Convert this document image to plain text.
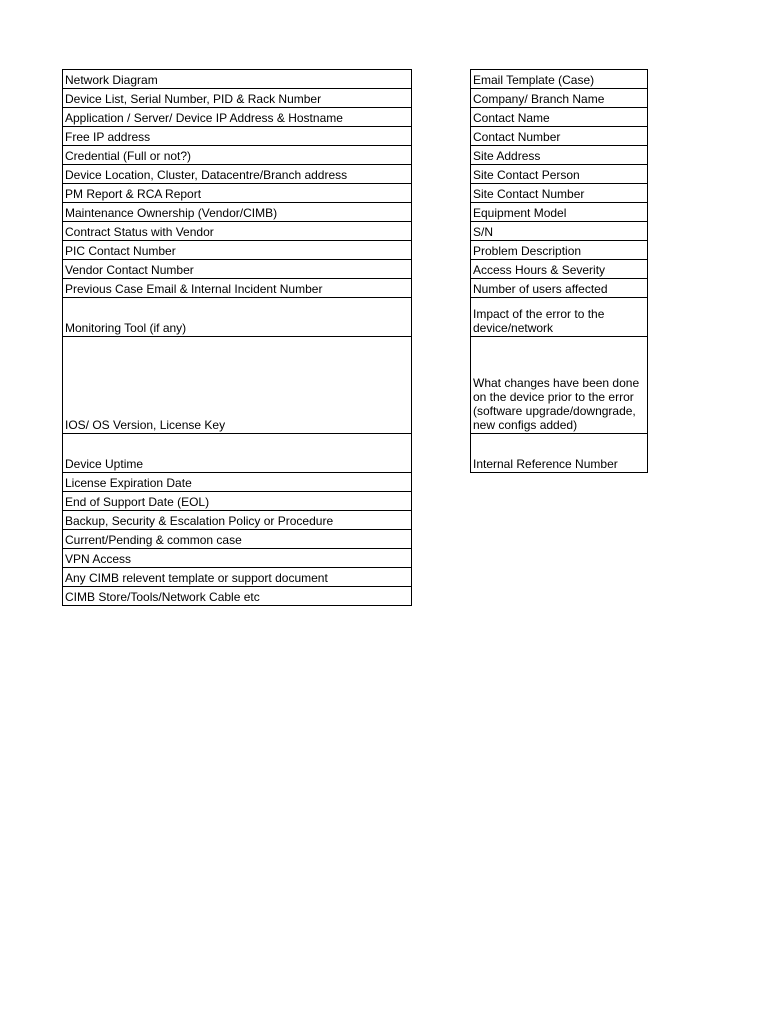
Network Diagram

Device List, Serial Number, PID & Rack Number

Application / Server/ Device IP Address & Hostname

Free IP address

Credential (Full or not?)

Device Location, Cluster, Datacentre/Branch address

PM Report & RCA Report

Maintenance Ownership (Vendor/CIMB)

Contract Status with Vendor

PIC Contact Number

Vendor Contact Number

Previous Case Email & Internal Incident Number

Monitoring Tool (if any)

IOS/ OS Version, License Key

Device Uptime

License Expiration Date

End of Support Date (EOL)

Backup, Security & Escalation Policy or Procedure

Current/Pending & common case

VPN Access

Any CIMB relevent template or support document

CIMB Store/Tools/Network Cable etc
Email Template (Case)

Company/ Branch Name

Contact Name

Contact Number

Site Address

Site Contact Person

Site Contact Number

Equipment Model

S/N

Problem Description

Access Hours & Severity

Number of users affected

Impact of the error to the device/network

What changes have been done on the device prior to the error (software upgrade/downgrade, new configs added)

Internal Reference Number
